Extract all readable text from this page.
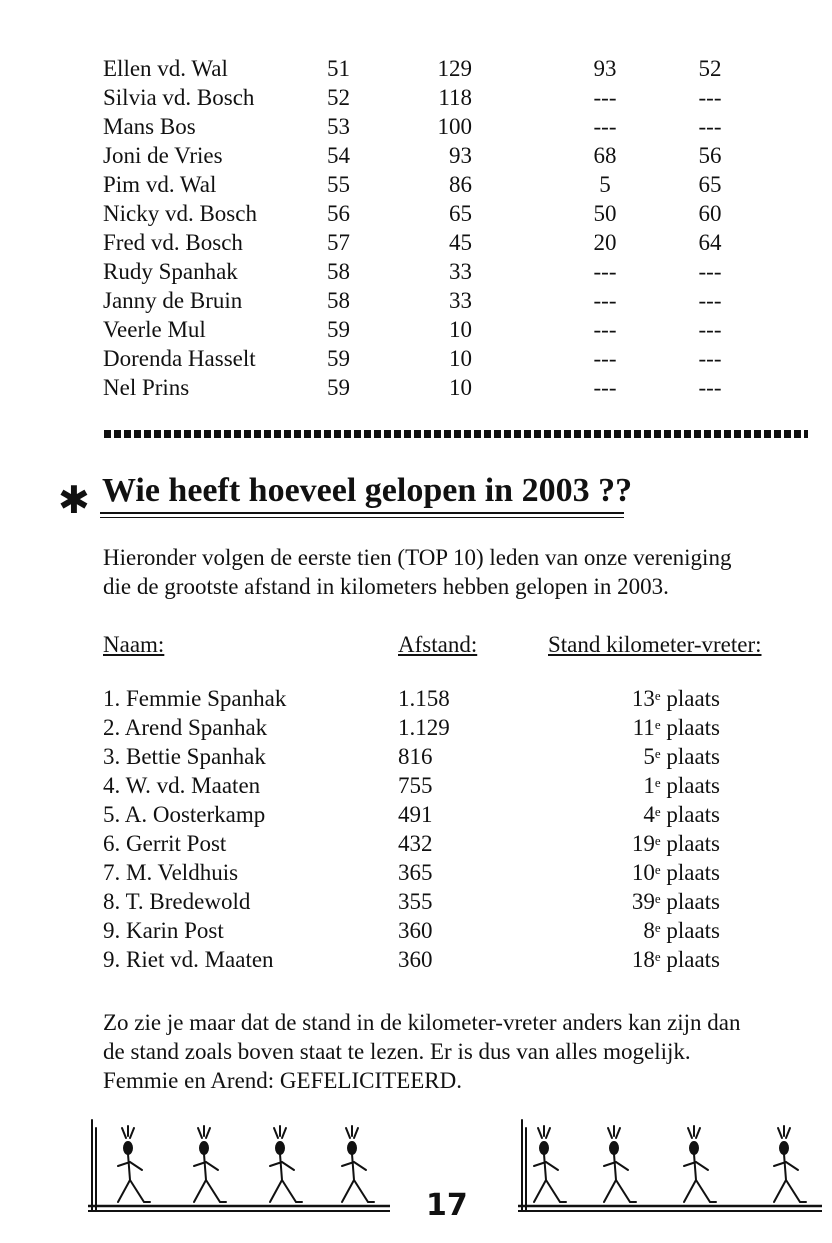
Ellen vd. Wal	51	129	93	52
Silvia vd. Bosch	52	118	---	---
Mans Bos	53	100	---	---
Joni de Vries	54	93	68	56
Pim vd. Wal	55	86	5	65
Nicky vd. Bosch	56	65	50	60
Fred vd. Bosch	57	45	20	64
Rudy Spanhak	58	33	---	---
Janny de Bruin	58	33	---	---
Veerle Mul	59	10	---	---
Dorenda Hasselt	59	10	---	---
Nel Prins	59	10	---	---
✱ Wie heeft hoeveel gelopen in 2003 ??
Hieronder volgen de eerste tien (TOP 10) leden van onze vereniging
die de grootste afstand in kilometers hebben gelopen in 2003.
Naam:	Afstand:	Stand kilometer-vreter:
1. Femmie Spanhak	1.158	13e plaats
2. Arend Spanhak	1.129	11e plaats
3. Bettie Spanhak	816	5e plaats
4. W. vd. Maaten	755	1e plaats
5. A. Oosterkamp	491	4e plaats
6. Gerrit Post	432	19e plaats
7. M. Veldhuis	365	10e plaats
8. T. Bredewold	355	39e plaats
9. Karin Post	360	8e plaats
9. Riet vd. Maaten	360	18e plaats
Zo zie je maar dat de stand in de kilometer-vreter anders kan zijn dan
de stand zoals boven staat te lezen. Er is dus van alles mogelijk.
Femmie en Arend: GEFELICITEERD.
17
